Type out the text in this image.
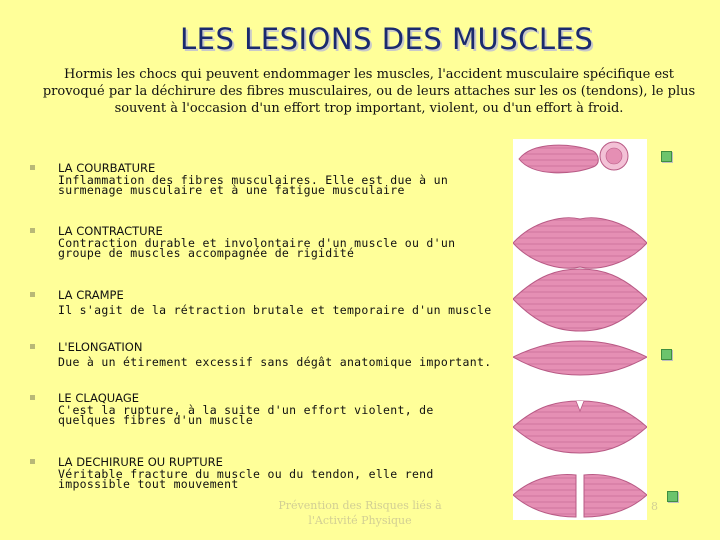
LES LESIONS DES MUSCLES
Hormis les chocs qui peuvent endommager les muscles, l'accident musculaire spécifique est provoqué par la déchirure des fibres musculaires, ou de leurs attaches sur les os (tendons), le plus souvent à l'occasion d'un effort trop important, violent, ou d'un effort à froid.
LA COURBATURE
Inflammation des fibres musculaires. Elle est due à un surmenage musculaire et à une fatigue musculaire
LA CONTRACTURE
Contraction durable et involontaire d'un muscle ou d'un groupe de muscles accompagnée de rigidité
LA CRAMPE
Il s'agit de la rétraction brutale et temporaire d'un muscle
L'ELONGATION
Due à un étirement excessif sans dégât anatomique important.
LE CLAQUAGE
C'est la rupture, à la suite d'un effort violent, de quelques fibres d'un muscle
LA DECHIRURE OU RUPTURE
Véritable fracture du muscle ou du tendon, elle rend impossible tout mouvement
Prévention des Risques liés à
l'Activité Physique
8
